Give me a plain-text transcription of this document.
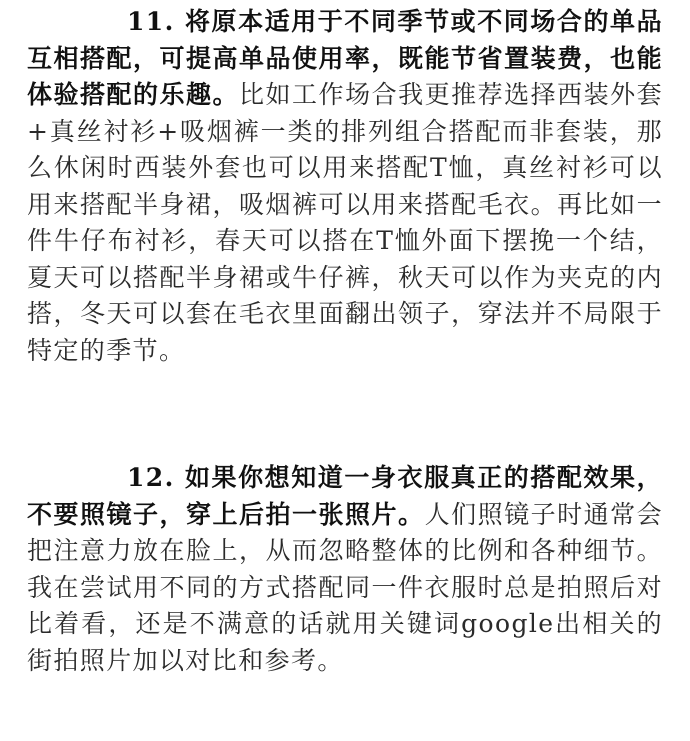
11. 将原本适用于不同季节或不同场合的单品互相搭配，可提高单品使用率，既能节省置装费，也能体验搭配的乐趣。比如工作场合我更推荐选择西装外套+真丝衬衫+吸烟裤一类的排列组合搭配而非套装，那么休闲时西装外套也可以用来搭配T恤，真丝衬衫可以用来搭配半身裙，吸烟裤可以用来搭配毛衣。再比如一件牛仔布衬衫，春天可以搭在T恤外面下摆挽一个结，夏天可以搭配半身裙或牛仔裤，秋天可以作为夹克的内搭，冬天可以套在毛衣里面翻出领子，穿法并不局限于特定的季节。

12. 如果你想知道一身衣服真正的搭配效果，不要照镜子，穿上后拍一张照片。人们照镜子时通常会把注意力放在脸上，从而忽略整体的比例和各种细节。我在尝试用不同的方式搭配同一件衣服时总是拍照后对比着看，还是不满意的话就用关键词google出相关的街拍照片加以对比和参考。
